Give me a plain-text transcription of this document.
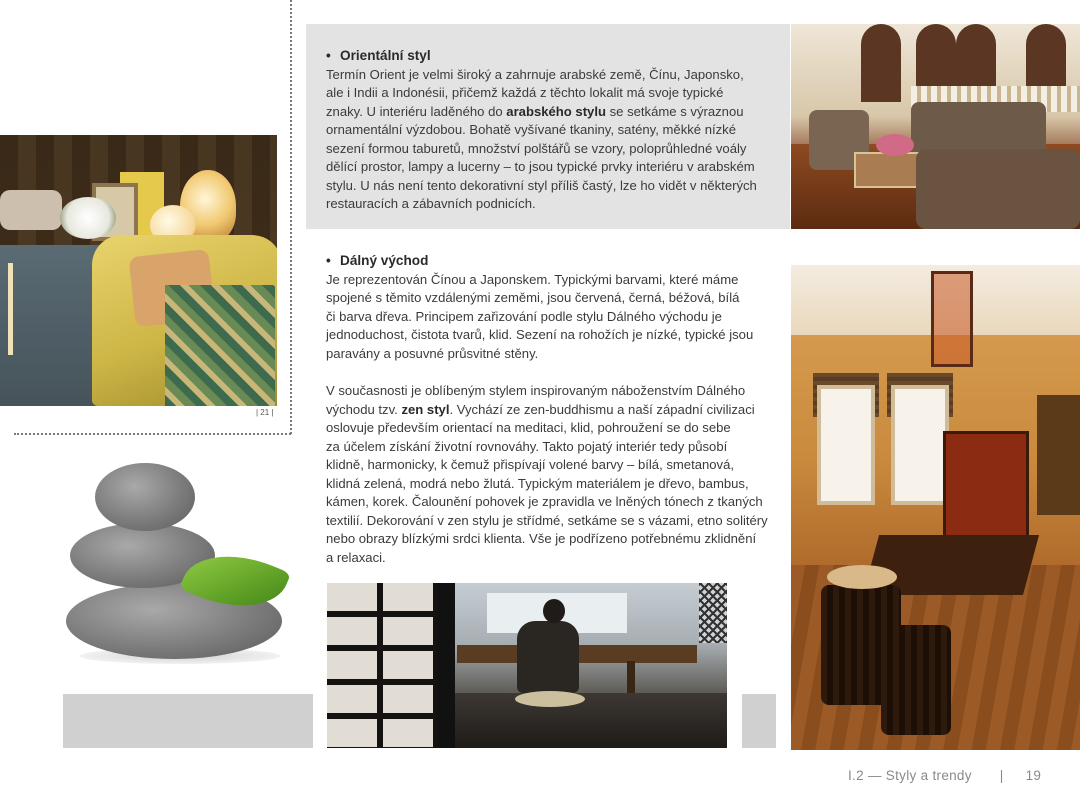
| 21 |
• Orientální styl
Termín Orient je velmi široký a zahrnuje arabské země, Čínu, Japonsko,
ale i Indii a Indonésii, přičemž každá z těchto lokalit má svoje typické
znaky. U interiéru laděného do arabského stylu se setkáme s výraznou
ornamentální výzdobou. Bohatě vyšívané tkaniny, satény, měkké nízké
sezení formou taburetů, množství polštářů se vzory, poloprůhledné voály
dělící prostor, lampy a lucerny – to jsou typické prvky interiéru v arabském
stylu. U nás není tento dekorativní styl příliš častý, lze ho vidět v některých
restauracích a zábavních podnicích.
• Dálný východ
Je reprezentován Čínou a Japonskem. Typickými barvami, které máme
spojené s těmito vzdálenými zeměmi, jsou červená, černá, béžová, bílá
či barva dřeva. Principem zařizování podle stylu Dálného východu je
jednoduchost, čistota tvarů, klid. Sezení na rohožích je nízké, typické jsou
paravány a posuvné průsvitné stěny.
V současnosti je oblíbeným stylem inspirovaným náboženstvím Dálného
východu tzv. zen styl. Vychází ze zen-buddhismu a naší západní civilizaci
oslovuje především orientací na meditaci, klid, pohroužení se do sebe
za účelem získání životní rovnováhy. Takto pojatý interiér tedy působí
klidně, harmonicky, k čemuž přispívají volené barvy – bílá, smetanová,
klidná zelená, modrá nebo žlutá. Typickým materiálem je dřevo, bambus,
kámen, korek. Čalounění pohovek je zpravidla ve lněných tónech z tkaných
textilií. Dekorování v zen stylu je střídmé, setkáme se s vázami, etno solitéry
nebo obrazy blízkými srdci klienta. Vše je podřízeno potřebnému zklidnění
a relaxaci.
I.2 — Styly a trendy | 19
